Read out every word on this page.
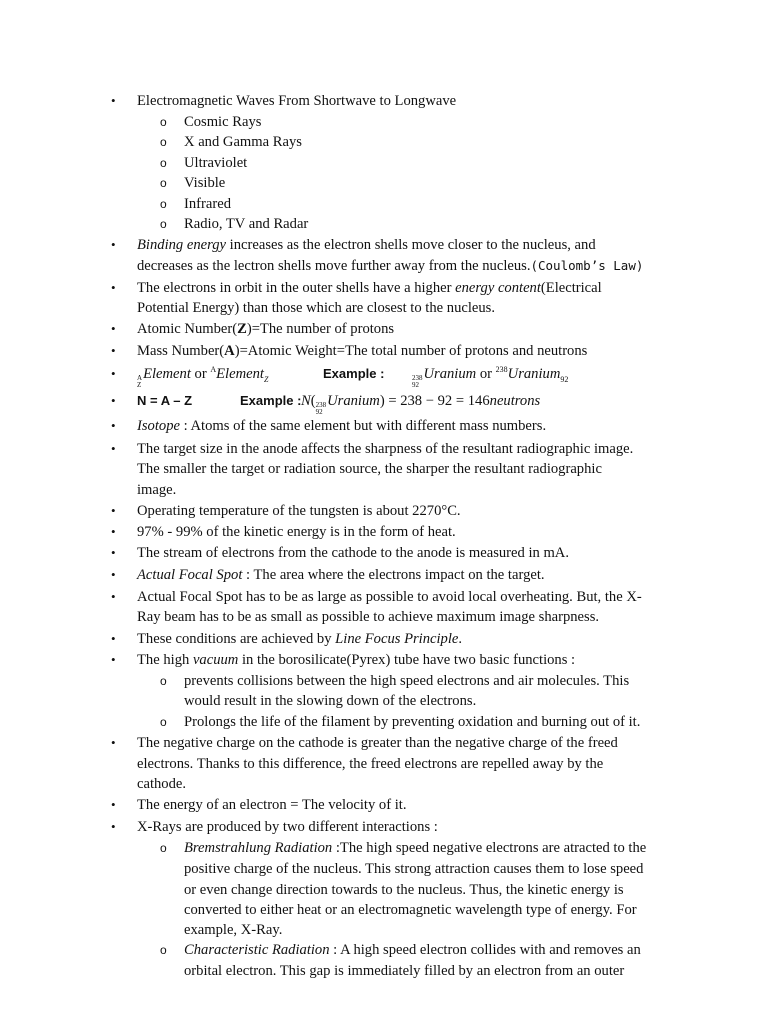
• Electromagnetic Waves From Shortwave to Longwave
o Cosmic Rays
o X and Gamma Rays
o Ultraviolet
o Visible
o Infrared
o Radio, TV and Radar
• Binding energy increases as the electron shells move closer to the nucleus, and
decreases as the lectron shells move further away from the nucleus.(Coulomb’s Law)
• The electrons in orbit in the outer shells have a higher energy content(Electrical
Potential Energy) than those which are closest to the nucleus.
• Atomic Number(Z)=The number of protons
• Mass Number(A)=Atomic Weight=The total number of protons and neutrons
•	A
Z
Element or $^A$Element$_Z$	Example :	238
92
Uranium or $^{238}$Uranium$_{92}$
• N = A – Z	Example : N( 238
92
Uranium) = 238 − 92 = 146neutrons
• Isotope : Atoms of the same element but with different mass numbers.
• The target size in the anode affects the sharpness of the resultant radiographic image.
The smaller the target or radiation source, the sharper the resultant radiographic
image.
• Operating temperature of the tungsten is about 2270°C.
• 97% - 99% of the kinetic energy is in the form of heat.
• The stream of electrons from the cathode to the anode is measured in mA.
• Actual Focal Spot : The area where the electrons impact on the target.
• Actual Focal Spot has to be as large as possible to avoid local overheating. But, the X-
Ray beam has to be as small as possible to achieve maximum image sharpness.
• These conditions are achieved by Line Focus Principle.
• The high vacuum in the borosilicate(Pyrex) tube have two basic functions :
o prevents collisions between the high speed electrons and air molecules. This
would result in the slowing down of the electrons.
o Prolongs the life of the filament by preventing oxidation and burning out of it.
• The negative charge on the cathode is greater than the negative charge of the freed
electrons. Thanks to this difference, the freed electrons are repelled away by the
cathode.
• The energy of an electron = The velocity of it.
• X-Rays are produced by two different interactions :
o Bremstrahlung Radiation :The high speed negative electrons are atracted to the
positive charge of the nucleus. This strong attraction causes them to lose speed
or even change direction towards to the nucleus. Thus, the kinetic energy is
converted to either heat or an electromagnetic wavelength type of energy. For
example, X-Ray.
o Characteristic Radiation : A high speed electron collides with and removes an
orbital electron. This gap is immediately filled by an electron from an outer
